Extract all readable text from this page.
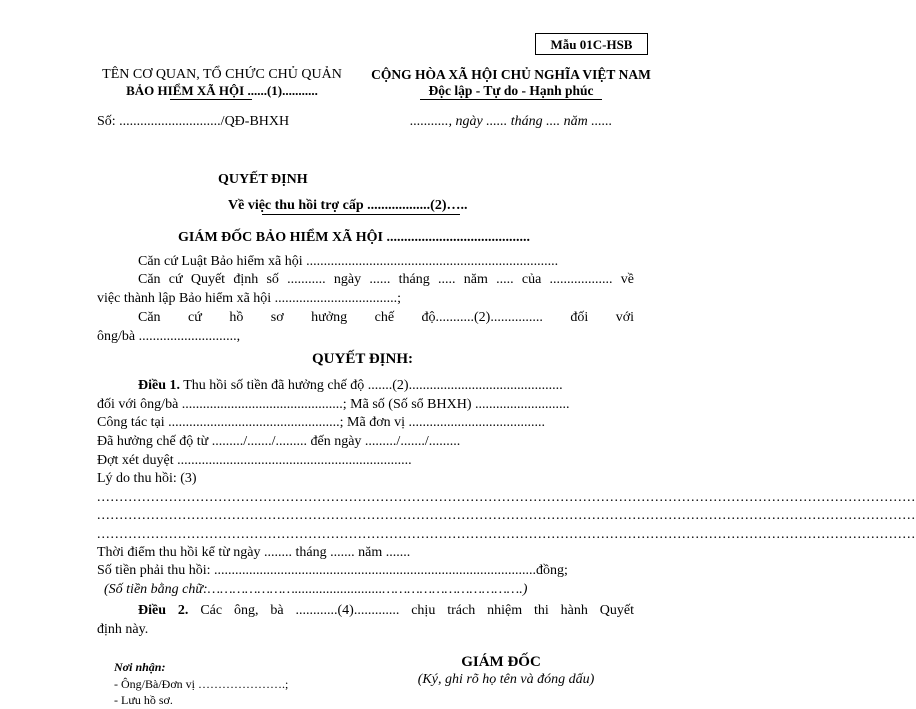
Mẫu 01C-HSB
TÊN CƠ QUAN, TỔ CHỨC CHỦ QUẢN
BẢO HIỂM XÃ HỘI ......(1)...........
CỘNG HÒA XÃ HỘI CHỦ NGHĨA VIỆT NAM
Độc lập - Tự do - Hạnh phúc
Số: ............................./QĐ-BHXH	..........., ngày ...... tháng .... năm ......
QUYẾT ĐỊNH
Về việc thu hồi trợ cấp ..................(2)…..
GIÁM ĐỐC BẢO HIỂM XÃ HỘI .........................................
Căn cứ Luật Bảo hiểm xã hội ........................................................................
Căn cứ Quyết định số ........... ngày ...... tháng ..... năm ..... của .................. về
việc thành lập Bảo hiểm xã hội ...................................;
Căn cứ hồ sơ hưởng chế độ...........(2)............... đối với
ông/bà ............................,
QUYẾT ĐỊNH:
Điều 1. Thu hồi số tiền đã hưởng chế độ .......(2)............................................
đối với ông/bà ..............................................; Mã số (Số sổ BHXH) ...........................
Công tác tại .................................................; Mã đơn vị .......................................
Đã hưởng chế độ từ ........./......./......... đến ngày ........./......./.........
Đợt xét duyệt ...................................................................
Lý do thu hồi: (3)
......................................................................................................................................................................................
......................................................................................................................................................................................
......................................................................................................................................................................................
Thời điểm thu hồi kể từ ngày ........ tháng ....... năm .......
Số tiền phải thu hồi: ............................................................................................đồng;
(Số tiền bằng chữ:………………….........................…………………………….)
Điều 2. Các ông, bà ............(4)............. chịu trách nhiệm thi hành Quyết
định này.
Nơi nhận:
- Ông/Bà/Đơn vị ………………….;
- Lưu hồ sơ.
GIÁM ĐỐC
(Ký, ghi rõ họ tên và đóng dấu)
